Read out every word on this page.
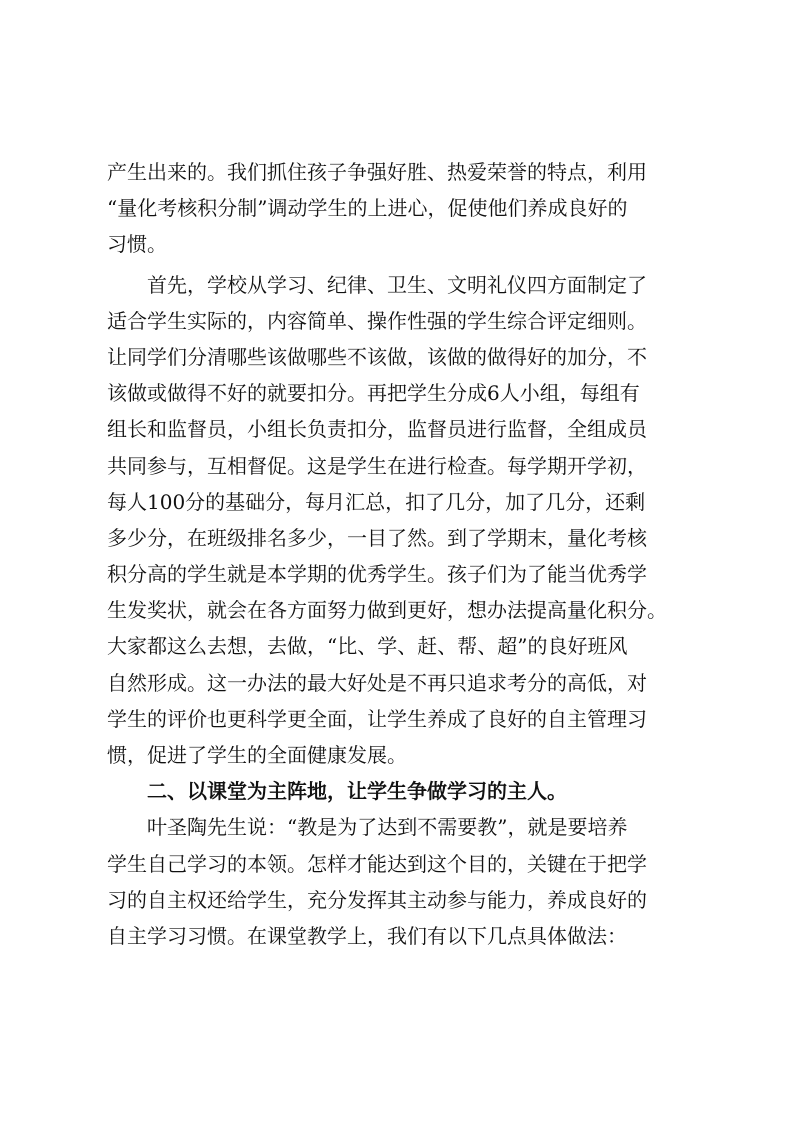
产生出来的。我们抓住孩子争强好胜、热爱荣誉的特点，利用
“量化考核积分制”调动学生的上进心，促使他们养成良好的
习惯。
首先，学校从学习、纪律、卫生、文明礼仪四方面制定了
适合学生实际的，内容简单、操作性强的学生综合评定细则。
让同学们分清哪些该做哪些不该做，该做的做得好的加分，不
该做或做得不好的就要扣分。再把学生分成6人小组，每组有
组长和监督员，小组长负责扣分，监督员进行监督，全组成员
共同参与，互相督促。这是学生在进行检查。每学期开学初，
每人100分的基础分，每月汇总，扣了几分，加了几分，还剩
多少分，在班级排名多少，一目了然。到了学期末，量化考核
积分高的学生就是本学期的优秀学生。孩子们为了能当优秀学
生发奖状，就会在各方面努力做到更好，想办法提高量化积分。
大家都这么去想，去做，“比、学、赶、帮、超”的良好班风
自然形成。这一办法的最大好处是不再只追求考分的高低，对
学生的评价也更科学更全面，让学生养成了良好的自主管理习
惯，促进了学生的全面健康发展。
二、以课堂为主阵地，让学生争做学习的主人。
叶圣陶先生说：“教是为了达到不需要教”，就是要培养
学生自己学习的本领。怎样才能达到这个目的，关键在于把学
习的自主权还给学生，充分发挥其主动参与能力，养成良好的
自主学习习惯。在课堂教学上，我们有以下几点具体做法：
